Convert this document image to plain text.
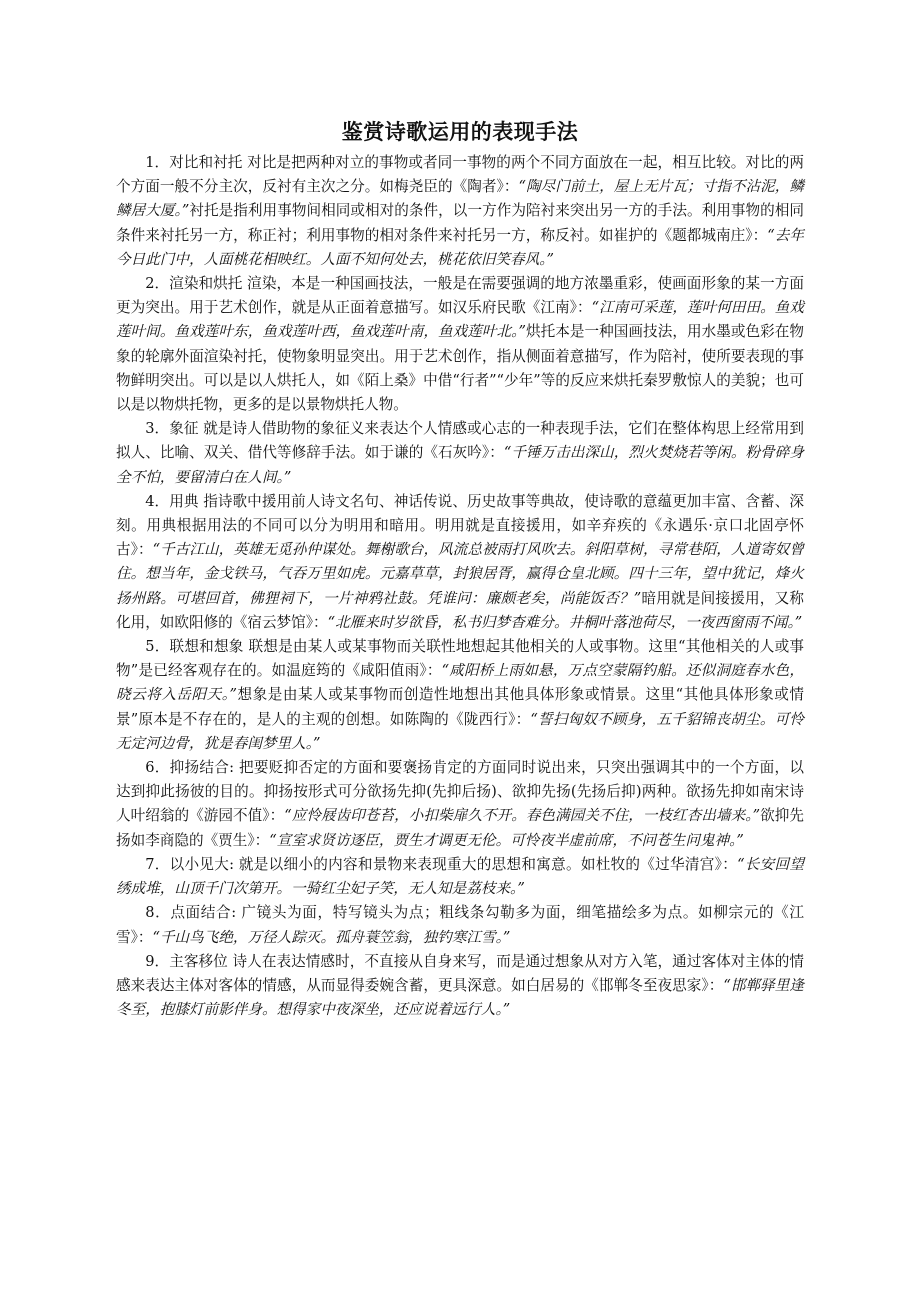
鉴赏诗歌运用的表现手法

1．对比和衬托 对比是把两种对立的事物或者同一事物的两个不同方面放在一起，相互比较。对比的两个方面一般不分主次，反衬有主次之分。如梅尧臣的《陶者》：“陶尽门前土，屋上无片瓦；寸指不沾泥，鳞鳞居大厦。”衬托是指利用事物间相同或相对的条件，以一方作为陪衬来突出另一方的手法。利用事物的相同条件来衬托另一方，称正衬；利用事物的相对条件来衬托另一方，称反衬。如崔护的《题都城南庄》：“去年今日此门中，人面桃花相映红。人面不知何处去，桃花依旧笑春风。”

2．渲染和烘托 渲染，本是一种国画技法，一般是在需要强调的地方浓墨重彩，使画面形象的某一方面更为突出。用于艺术创作，就是从正面着意描写。如汉乐府民歌《江南》：“江南可采莲，莲叶何田田。鱼戏莲叶间。鱼戏莲叶东，鱼戏莲叶西，鱼戏莲叶南，鱼戏莲叶北。”烘托本是一种国画技法，用水墨或色彩在物象的轮廓外面渲染衬托，使物象明显突出。用于艺术创作，指从侧面着意描写，作为陪衬，使所要表现的事物鲜明突出。可以是以人烘托人，如《陌上桑》中借“行者”“少年”等的反应来烘托秦罗敷惊人的美貌；也可以是以物烘托物，更多的是以景物烘托人物。

3．象征 就是诗人借助物的象征义来表达个人情感或心志的一种表现手法，它们在整体构思上经常用到拟人、比喻、双关、借代等修辞手法。如于谦的《石灰吟》：“千锤万击出深山，烈火焚烧若等闲。粉骨碎身全不怕，要留清白在人间。”

4．用典 指诗歌中援用前人诗文名句、神话传说、历史故事等典故，使诗歌的意蕴更加丰富、含蓄、深刻。用典根据用法的不同可以分为明用和暗用。明用就是直接援用，如辛弃疾的《永遇乐·京口北固亭怀古》：“千古江山，英雄无觅孙仲谋处。舞榭歌台，风流总被雨打风吹去。斜阳草树，寻常巷陌，人道寄奴曾住。想当年，金戈铁马，气吞万里如虎。元嘉草草，封狼居胥，赢得仓皇北顾。四十三年，望中犹记，烽火扬州路。可堪回首，佛狸祠下，一片神鸦社鼓。凭谁问：廉颇老矣，尚能饭否？”暗用就是间接援用，又称化用，如欧阳修的《宿云梦馆》：“北雁来时岁欲昏，私书归梦杳难分。井桐叶落池荷尽，一夜西窗雨不闻。”

5．联想和想象 联想是由某人或某事物而关联性地想起其他相关的人或事物。这里“其他相关的人或事物”是已经客观存在的。如温庭筠的《咸阳值雨》：“咸阳桥上雨如悬，万点空蒙隔钓船。还似洞庭春水色，晓云将入岳阳天。”想象是由某人或某事物而创造性地想出其他具体形象或情景。这里“其他具体形象或情景”原本是不存在的，是人的主观的创想。如陈陶的《陇西行》：“誓扫匈奴不顾身，五千貂锦丧胡尘。可怜无定河边骨，犹是春闺梦里人。”

6．抑扬结合: 把要贬抑否定的方面和要褒扬肯定的方面同时说出来，只突出强调其中的一个方面，以达到抑此扬彼的目的。抑扬按形式可分欲扬先抑(先抑后扬)、欲抑先扬(先扬后抑)两种。欲扬先抑如南宋诗人叶绍翁的《游园不值》：“应怜屐齿印苍苔，小扣柴扉久不开。春色满园关不住，一枝红杏出墙来。”欲抑先扬如李商隐的《贾生》：“宣室求贤访逐臣，贾生才调更无伦。可怜夜半虚前席，不问苍生问鬼神。”

7．以小见大: 就是以细小的内容和景物来表现重大的思想和寓意。如杜牧的《过华清宫》：“长安回望绣成堆，山顶千门次第开。一骑红尘妃子笑，无人知是荔枝来。”

8．点面结合: 广镜头为面，特写镜头为点；粗线条勾勒多为面，细笔描绘多为点。如柳宗元的《江雪》：“千山鸟飞绝，万径人踪灭。孤舟蓑笠翁，独钓寒江雪。”

9．主客移位 诗人在表达情感时，不直接从自身来写，而是通过想象从对方入笔，通过客体对主体的情感来表达主体对客体的情感，从而显得委婉含蓄，更具深意。如白居易的《邯郸冬至夜思家》：“邯郸驿里逢冬至，抱膝灯前影伴身。想得家中夜深坐，还应说着远行人。”
